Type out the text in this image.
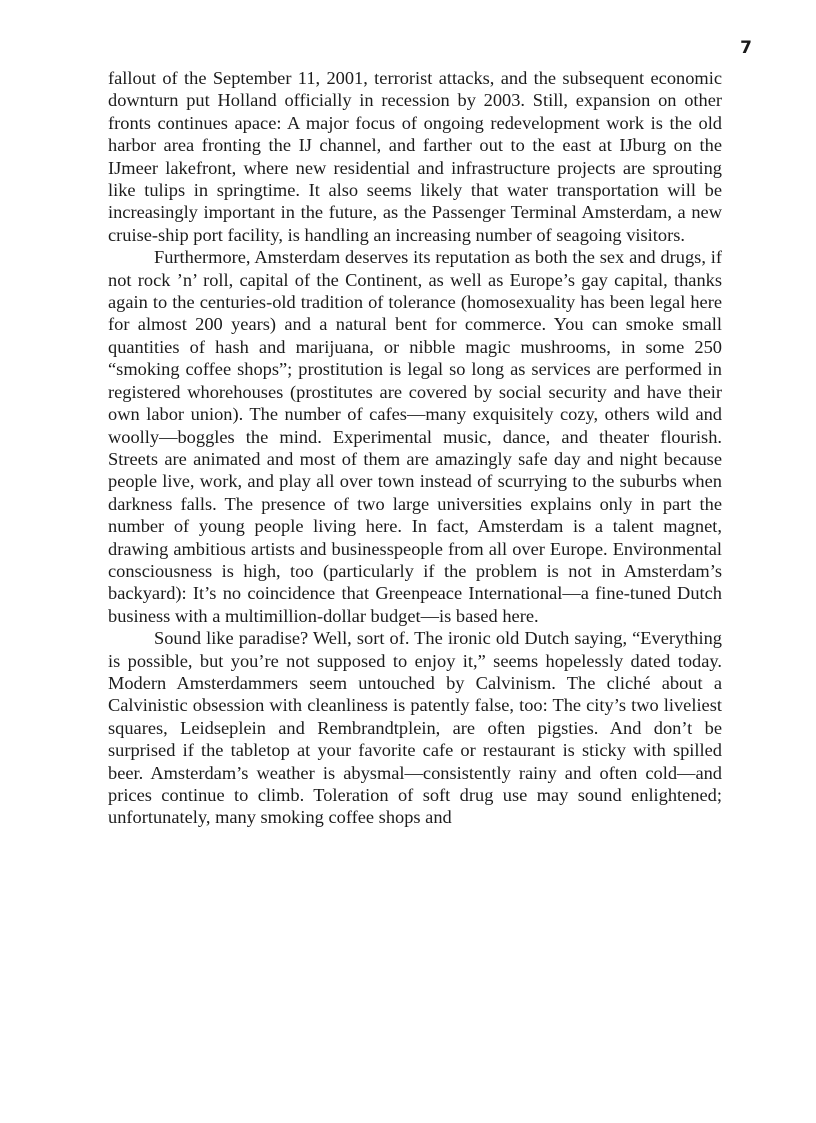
7

fallout of the September 11, 2001, terrorist attacks, and the subsequent economic downturn put Holland officially in recession by 2003. Still, expansion on other fronts continues apace: A major focus of ongoing redevelopment work is the old harbor area fronting the IJ channel, and farther out to the east at IJburg on the IJmeer lakefront, where new residential and infrastructure projects are sprouting like tulips in springtime. It also seems likely that water transportation will be increasingly important in the future, as the Passenger Terminal Amsterdam, a new cruise-ship port facility, is handling an increasing number of seagoing visitors.

Furthermore, Amsterdam deserves its reputation as both the sex and drugs, if not rock ’n’ roll, capital of the Continent, as well as Europe’s gay capital, thanks again to the centuries-old tradition of tolerance (homosexuality has been legal here for almost 200 years) and a natural bent for commerce. You can smoke small quantities of hash and marijuana, or nibble magic mushrooms, in some 250 “smoking coffee shops”; prostitution is legal so long as services are performed in registered whorehouses (prostitutes are covered by social security and have their own labor union). The number of cafes—many exquisitely cozy, others wild and woolly—boggles the mind. Experimental music, dance, and theater flourish. Streets are animated and most of them are amazingly safe day and night because people live, work, and play all over town instead of scurrying to the suburbs when darkness falls. The presence of two large universities explains only in part the number of young people living here. In fact, Amsterdam is a talent magnet, drawing ambitious artists and businesspeople from all over Europe. Environmental consciousness is high, too (particularly if the problem is not in Amsterdam’s backyard): It’s no coincidence that Greenpeace International—a fine-tuned Dutch business with a multimillion-dollar budget—is based here.

Sound like paradise? Well, sort of. The ironic old Dutch saying, “Everything is possible, but you’re not supposed to enjoy it,” seems hopelessly dated today. Modern Amsterdammers seem untouched by Calvinism. The cliché about a Calvinistic obsession with cleanliness is patently false, too: The city’s two liveliest squares, Leidseplein and Rembrandtplein, are often pigsties. And don’t be surprised if the tabletop at your favorite cafe or restaurant is sticky with spilled beer. Amsterdam’s weather is abysmal—consistently rainy and often cold—and prices continue to climb. Toleration of soft drug use may sound enlightened; unfortunately, many smoking coffee shops and
